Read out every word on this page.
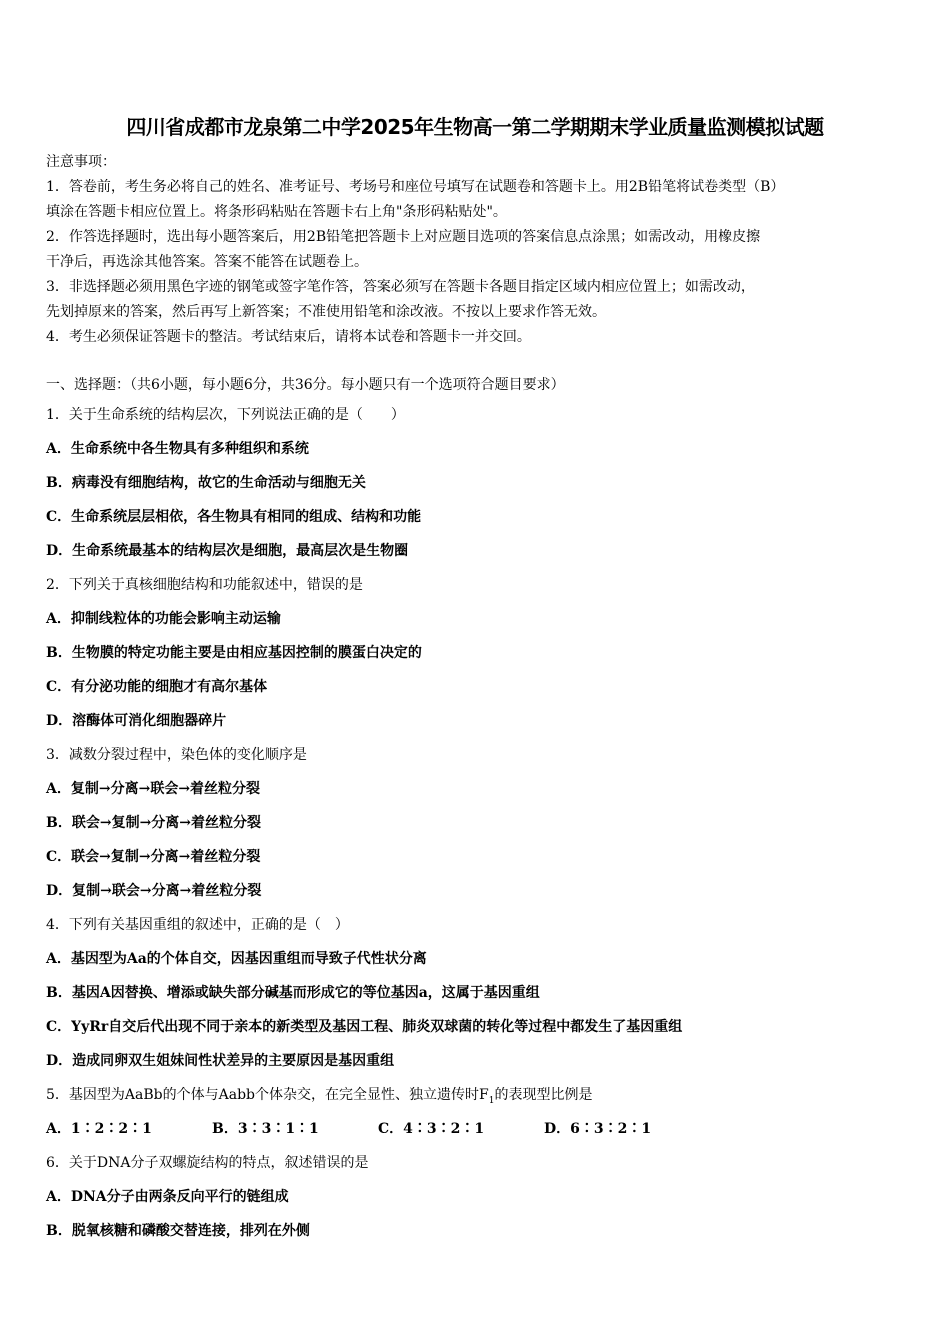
四川省成都市龙泉第二中学2025年生物高一第二学期期末学业质量监测模拟试题
注意事项：
1．答卷前，考生务必将自己的姓名、准考证号、考场号和座位号填写在试题卷和答题卡上。用2B铅笔将试卷类型（B）
填涂在答题卡相应位置上。将条形码粘贴在答题卡右上角"条形码粘贴处"。
2．作答选择题时，选出每小题答案后，用2B铅笔把答题卡上对应题目选项的答案信息点涂黑；如需改动，用橡皮擦
干净后，再选涂其他答案。答案不能答在试题卷上。
3．非选择题必须用黑色字迹的钢笔或签字笔作答，答案必须写在答题卡各题目指定区域内相应位置上；如需改动，
先划掉原来的答案，然后再写上新答案；不准使用铅笔和涂改液。不按以上要求作答无效。
4．考生必须保证答题卡的整洁。考试结束后，请将本试卷和答题卡一并交回。
一、选择题：（共6小题，每小题6分，共36分。每小题只有一个选项符合题目要求）
1．关于生命系统的结构层次，下列说法正确的是（　　）
A．生命系统中各生物具有多种组织和系统
B．病毒没有细胞结构，故它的生命活动与细胞无关
C．生命系统层层相依，各生物具有相同的组成、结构和功能
D．生命系统最基本的结构层次是细胞，最高层次是生物圈
2．下列关于真核细胞结构和功能叙述中，错误的是
A．抑制线粒体的功能会影响主动运输
B．生物膜的特定功能主要是由相应基因控制的膜蛋白决定的
C．有分泌功能的细胞才有高尔基体
D．溶酶体可消化细胞器碎片
3．减数分裂过程中，染色体的变化顺序是
A．复制→分离→联会→着丝粒分裂
B．联会→复制→分离→着丝粒分裂
C．联会→复制→分离→着丝粒分裂
D．复制→联会→分离→着丝粒分裂
4．下列有关基因重组的叙述中，正确的是（　）
A．基因型为Aa的个体自交，因基因重组而导致子代性状分离
B．基因A因替换、增添或缺失部分碱基而形成它的等位基因a，这属于基因重组
C．YyRr自交后代出现不同于亲本的新类型及基因工程、肺炎双球菌的转化等过程中都发生了基因重组
D．造成同卵双生姐妹间性状差异的主要原因是基因重组
5．基因型为AaBb的个体与Aabb个体杂交，在完全显性、独立遗传时$F_1$的表现型比例是
A．1∶2∶2∶1	B．3∶3∶1∶1	C．4∶3∶2∶1	D．6∶3∶2∶1
6．关于DNA分子双螺旋结构的特点，叙述错误的是
A．DNA分子由两条反向平行的链组成
B．脱氧核糖和磷酸交替连接，排列在外侧
